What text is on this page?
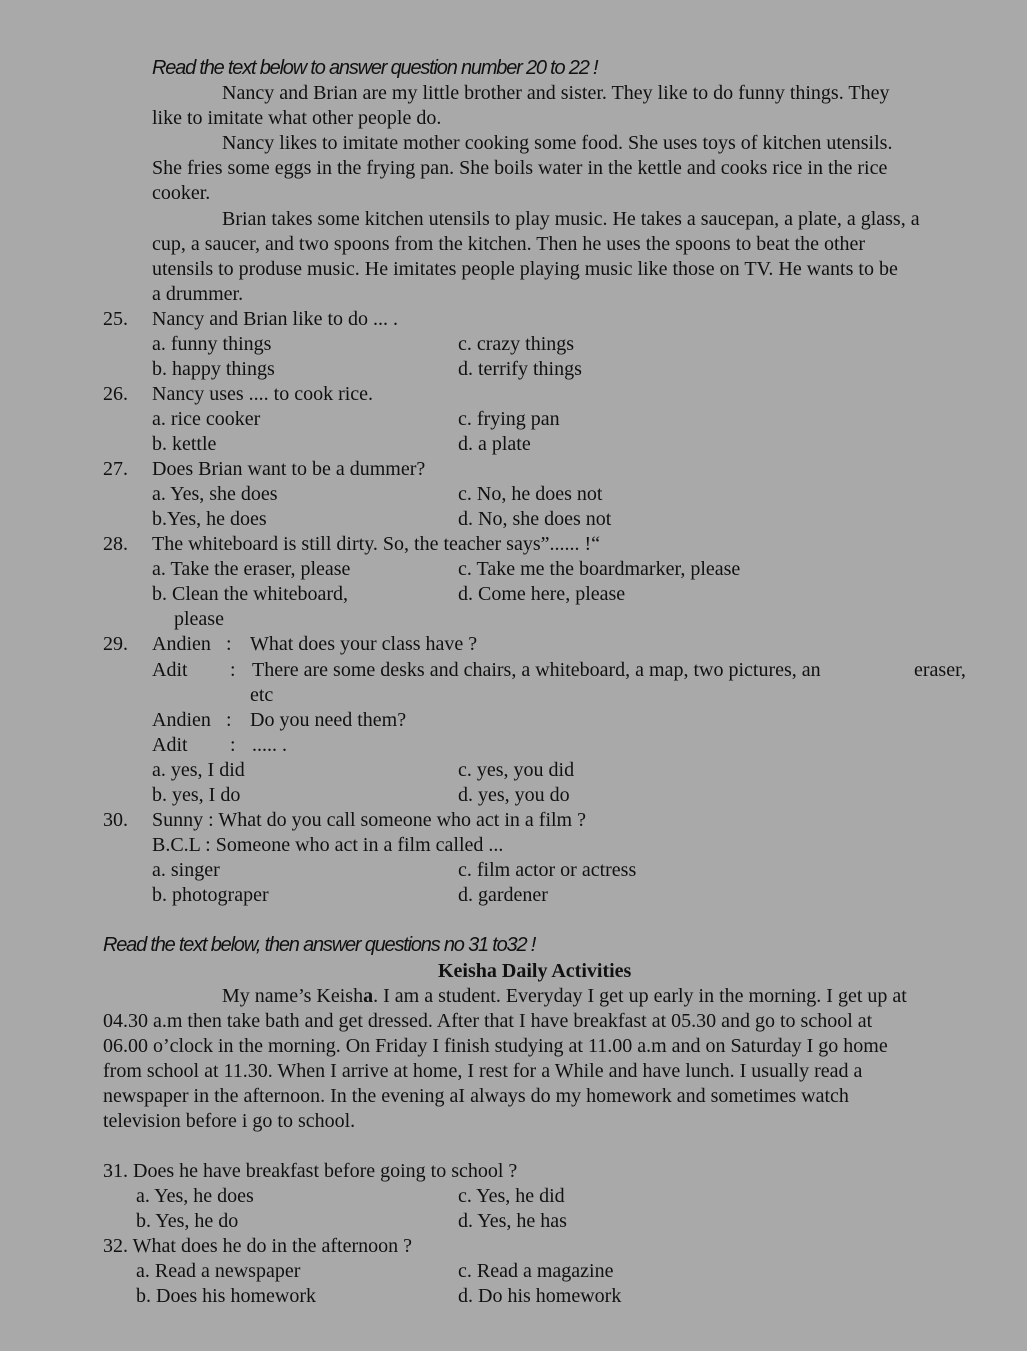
Read the text below to answer question number 20 to 22 !
Nancy and Brian are my little brother and sister. They like to do funny things. They
like to imitate what other people do.
Nancy likes to imitate mother cooking some food. She uses toys of kitchen utensils.
She fries some eggs in the frying pan. She boils water in the kettle and cooks rice in the rice
cooker.
Brian takes some kitchen utensils to play music. He takes a saucepan, a plate, a glass, a
cup, a saucer, and two spoons from the kitchen. Then he uses the spoons to beat the other
utensils to produse music. He imitates people playing music like those on TV. He wants to be
a drummer.
25. Nancy and Brian like to do ... .
a. funny things	c. crazy things
b. happy things	d. terrify things
26. Nancy uses .... to cook rice.
a. rice cooker	c. frying pan
b. kettle	d. a plate
27. Does Brian want to be a dummer?
a. Yes, she does	c. No, he does not
b.Yes, he does	d. No, she does not
28. The whiteboard is still dirty. So, the teacher says”...... !“
a. Take the eraser, please	c. Take me the boardmarker, please
b. Clean the whiteboard,	d. Come here, please
please
29. Andien : What does your class have ?
Adit : There are some desks and chairs, a whiteboard, a map, two pictures, an	eraser,
etc
Andien : Do you need them?
Adit : ..... .
a. yes, I did	c. yes, you did
b. yes, I do	d. yes, you do
30. Sunny : What do you call someone who act in a film ?
B.C.L : Someone who act in a film called ...
a. singer	c. film actor or actress
b. photograper	d. gardener
Read the text below, then answer questions no 31 to32 !
Keisha Daily Activities
My name’s Keisha. I am a student. Everyday I get up early in the morning. I get up at
04.30 a.m then take bath and get dressed. After that I have breakfast at 05.30 and go to school at
06.00 o’clock in the morning. On Friday I finish studying at 11.00 a.m and on Saturday I go home
from school at 11.30. When I arrive at home, I rest for a While and have lunch. I usually read a
newspaper in the afternoon. In the evening aI always do my homework and sometimes watch
television before i go to school.
31. Does he have breakfast before going to school ?
a. Yes, he does	c. Yes, he did
b. Yes, he do	d. Yes, he has
32. What does he do in the afternoon ?
a. Read a newspaper	c. Read a magazine
b. Does his homework	d. Do his homework
